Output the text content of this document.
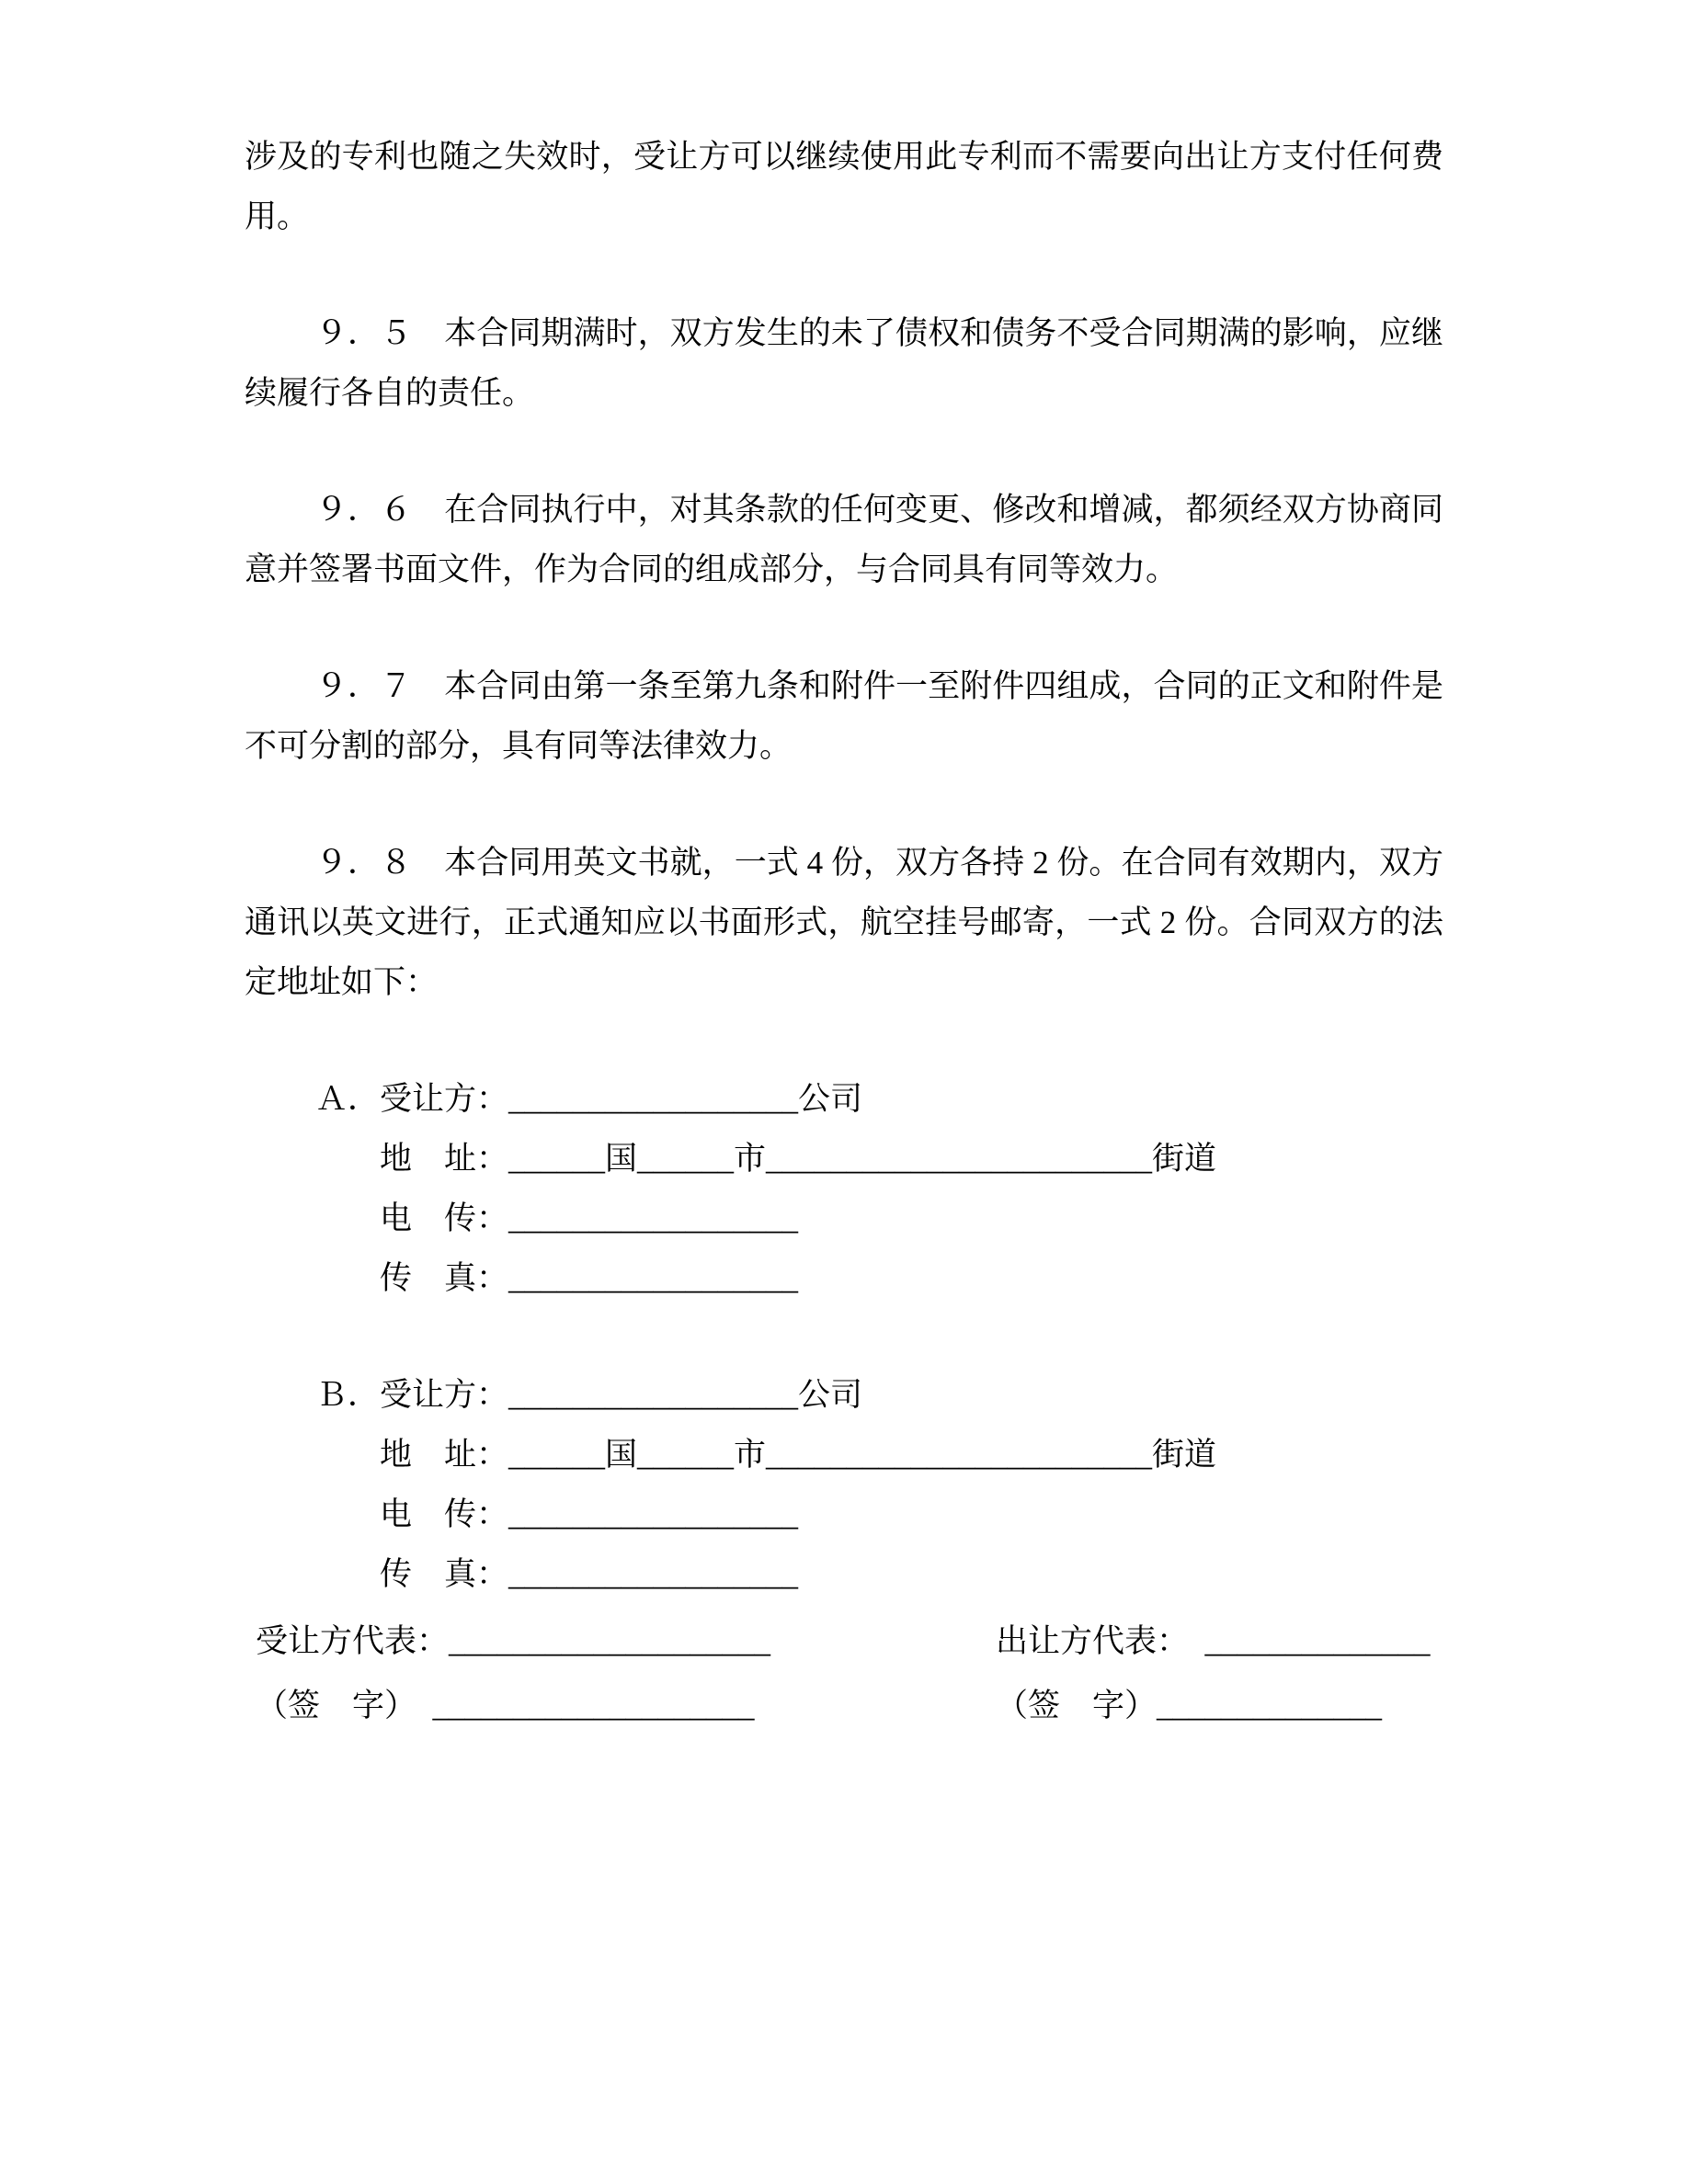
涉及的专利也随之失效时，受让方可以继续使用此专利而不需要向出让方支付任何费用。

９．５　本合同期满时，双方发生的未了债权和债务不受合同期满的影响，应继续履行各自的责任。

９．６　在合同执行中，对其条款的任何变更、修改和增减，都须经双方协商同意并签署书面文件，作为合同的组成部分，与合同具有同等效力。

９．７　本合同由第一条至第九条和附件一至附件四组成，合同的正文和附件是不可分割的部分，具有同等法律效力。

９．８　本合同用英文书就，一式 4 份，双方各持 2 份。在合同有效期内，双方通讯以英文进行，正式通知应以书面形式，航空挂号邮寄，一式 2 份。合同双方的法定地址如下：

Ａ．受让方：__________________公司

地　址：______国______市________________________街道

电　传：__________________

传　真：__________________

Ｂ．受让方：__________________公司

地　址：______国______市________________________街道

电　传：__________________

传　真：__________________

受让方代表：____________________	出让方代表：　______________
（签　字）　____________________	（签　字）______________
